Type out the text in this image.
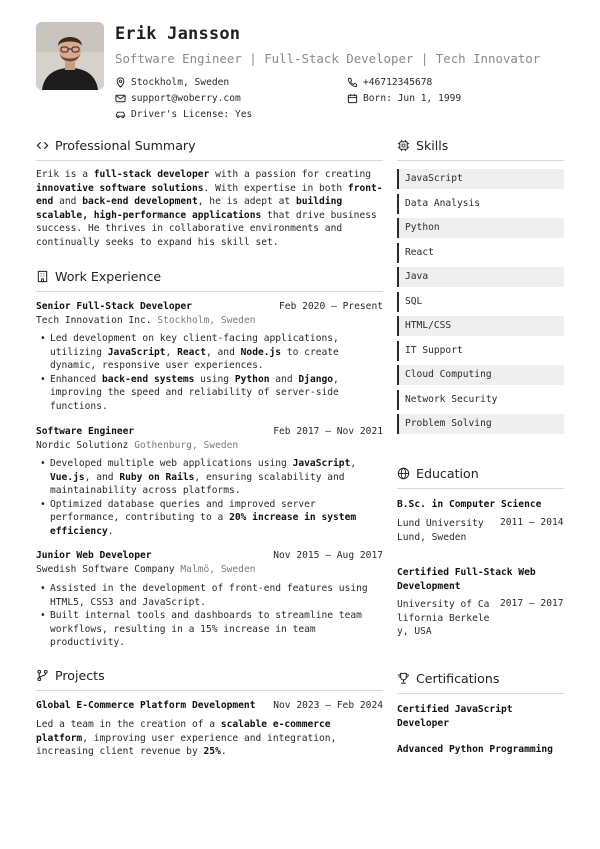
Erik Jansson
Software Engineer | Full-Stack Developer | Tech Innovator
Stockholm, Sweden
support@woberry.com
Driver's License: Yes
+46712345678
Born: Jun 1, 1999
Professional Summary
Erik is a full-stack developer with a passion for creating innovative software solutions. With expertise in both front-end and back-end development, he is adept at building scalable, high-performance applications that drive business success. He thrives in collaborative environments and continually seeks to expand his skill set.
Work Experience
Senior Full-Stack Developer	Feb 2020 — Present
Tech Innovation Inc. Stockholm, Sweden
• Led development on key client-facing applications, utilizing JavaScript, React, and Node.js to create dynamic, responsive user experiences.
• Enhanced back-end systems using Python and Django, improving the speed and reliability of server-side functions.
Software Engineer	Feb 2017 — Nov 2021
Nordic Solutionz Gothenburg, Sweden
• Developed multiple web applications using JavaScript, Vue.js, and Ruby on Rails, ensuring scalability and maintainability across platforms.
• Optimized database queries and improved server performance, contributing to a 20% increase in system efficiency.
Junior Web Developer	Nov 2015 — Aug 2017
Swedish Software Company Malmö, Sweden
• Assisted in the development of front-end features using HTML5, CSS3 and JavaScript.
• Built internal tools and dashboards to streamline team workflows, resulting in a 15% increase in team productivity.
Projects
Global E-Commerce Platform Development Nov 2023 — Feb 2024
Led a team in the creation of a scalable e-commerce platform, improving user experience and integration, increasing client revenue by 25%.
Skills
JavaScript
Data Analysis
Python
React
Java
SQL
HTML/CSS
IT Support
Cloud Computing
Network Security
Problem Solving
Education
B.Sc. in Computer Science
Lund University Lund, Sweden
2011 — 2014
Certified Full-Stack Web Development
University of California Berkeley, USA
2017 — 2017
Certifications
Certified JavaScript Developer
Advanced Python Programming
